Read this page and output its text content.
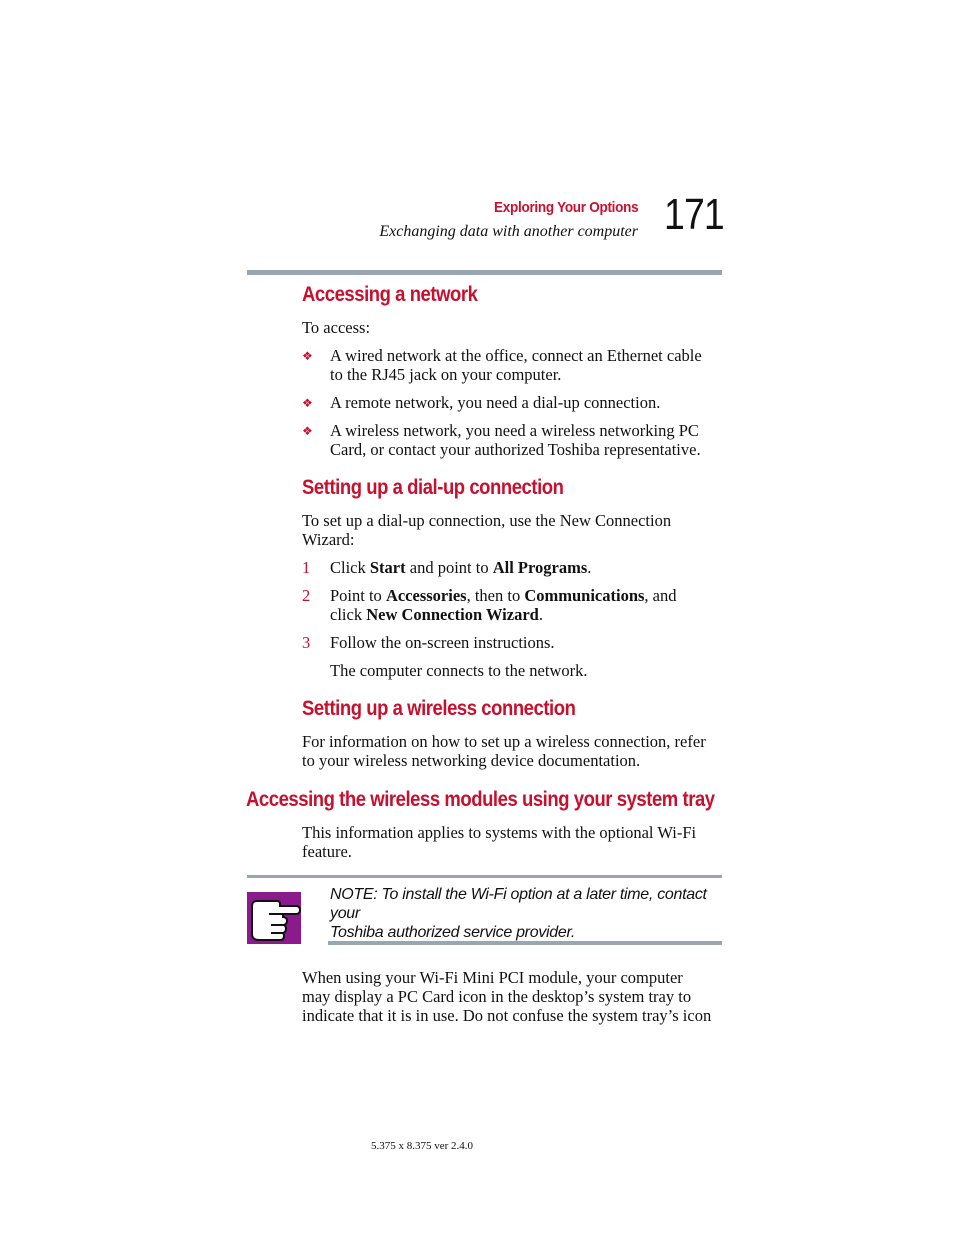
Exploring Your Options
Exchanging data with another computer 171
Accessing a network
To access:
❖ A wired network at the office, connect an Ethernet cable
to the RJ45 jack on your computer.
❖ A remote network, you need a dial-up connection.
❖ A wireless network, you need a wireless networking PC
Card, or contact your authorized Toshiba representative.
Setting up a dial-up connection
To set up a dial-up connection, use the New Connection
Wizard:
1 Click Start and point to All Programs.
2 Point to Accessories, then to Communications, and
click New Connection Wizard.
3 Follow the on-screen instructions.
The computer connects to the network.
Setting up a wireless connection
For information on how to set up a wireless connection, refer
to your wireless networking device documentation.
Accessing the wireless modules using your system tray
This information applies to systems with the optional Wi-Fi
feature.
NOTE: To install the Wi-Fi option at a later time, contact your
Toshiba authorized service provider.
When using your Wi-Fi Mini PCI module, your computer
may display a PC Card icon in the desktop’s system tray to
indicate that it is in use. Do not confuse the system tray’s icon
5.375 x 8.375 ver 2.4.0
